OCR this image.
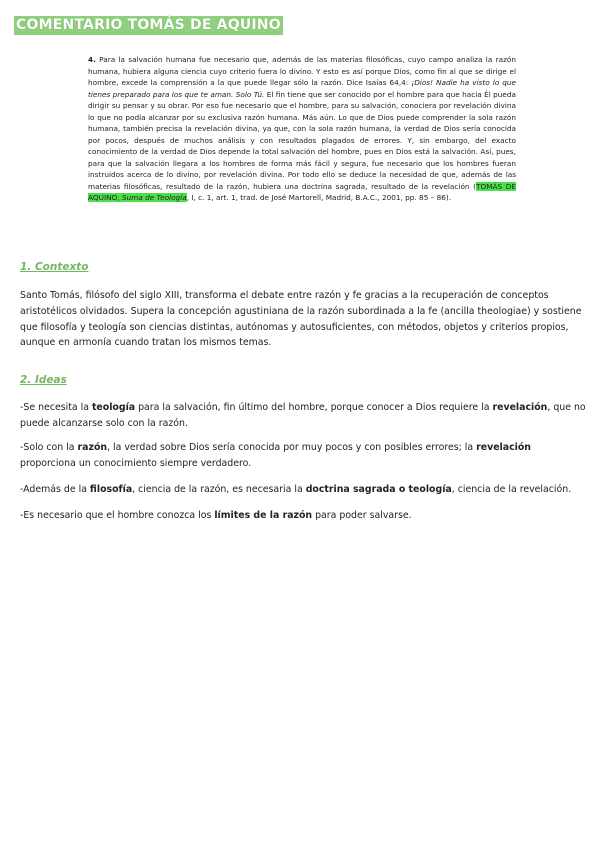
COMENTARIO TOMÁS DE AQUINO
4. Para la salvación humana fue necesario que, además de las materias filosóficas, cuyo campo analiza la razón humana, hubiera alguna ciencia cuyo criterio fuera lo divino. Y esto es así porque Dios, como fin al que se dirige el hombre, excede la comprensión a la que puede llegar sólo la razón. Dice Isaías 64,4: ¡Dios! Nadie ha visto lo que tienes preparado para los que te aman. Solo Tú. El fin tiene que ser conocido por el hombre para que hacia Él pueda dirigir su pensar y su obrar. Por eso fue necesario que el hombre, para su salvación, conociera por revelación divina lo que no podía alcanzar por su exclusiva razón humana. Más aún. Lo que de Dios puede comprender la sola razón humana, también precisa la revelación divina, ya que, con la sola razón humana, la verdad de Dios sería conocida por pocos, después de muchos análisis y con resultados plagados de errores. Y, sin embargo, del exacto conocimiento de la verdad de Dios depende la total salvación del hombre, pues en Dios está la salvación. Así, pues, para que la salvación llegara a los hombres de forma más fácil y segura, fue necesario que los hombres fueran instruidos acerca de lo divino, por revelación divina. Por todo ello se deduce la necesidad de que, además de las materias filosóficas, resultado de la razón, hubiera una doctrina sagrada, resultado de la revelación (TOMÁS DE AQUINO, Suma de Teología, I, c. 1, art. 1, trad. de José Martorell, Madrid, B.A.C., 2001, pp. 85 – 86).
1. Contexto
Santo Tomás, filósofo del siglo XIII, transforma el debate entre razón y fe gracias a la recuperación de conceptos aristotélicos olvidados. Supera la concepción agustiniana de la razón subordinada a la fe (ancilla theologiae) y sostiene que filosofía y teología son ciencias distintas, autónomas y autosuficientes, con métodos, objetos y criterios propios, aunque en armonía cuando tratan los mismos temas.
2. Ideas
-Se necesita la teología para la salvación, fin último del hombre, porque conocer a Dios requiere la revelación, que no puede alcanzarse solo con la razón.
-Solo con la razón, la verdad sobre Dios sería conocida por muy pocos y con posibles errores; la revelación proporciona un conocimiento siempre verdadero.
-Además de la filosofía, ciencia de la razón, es necesaria la doctrina sagrada o teología, ciencia de la revelación.
-Es necesario que el hombre conozca los límites de la razón para poder salvarse.
